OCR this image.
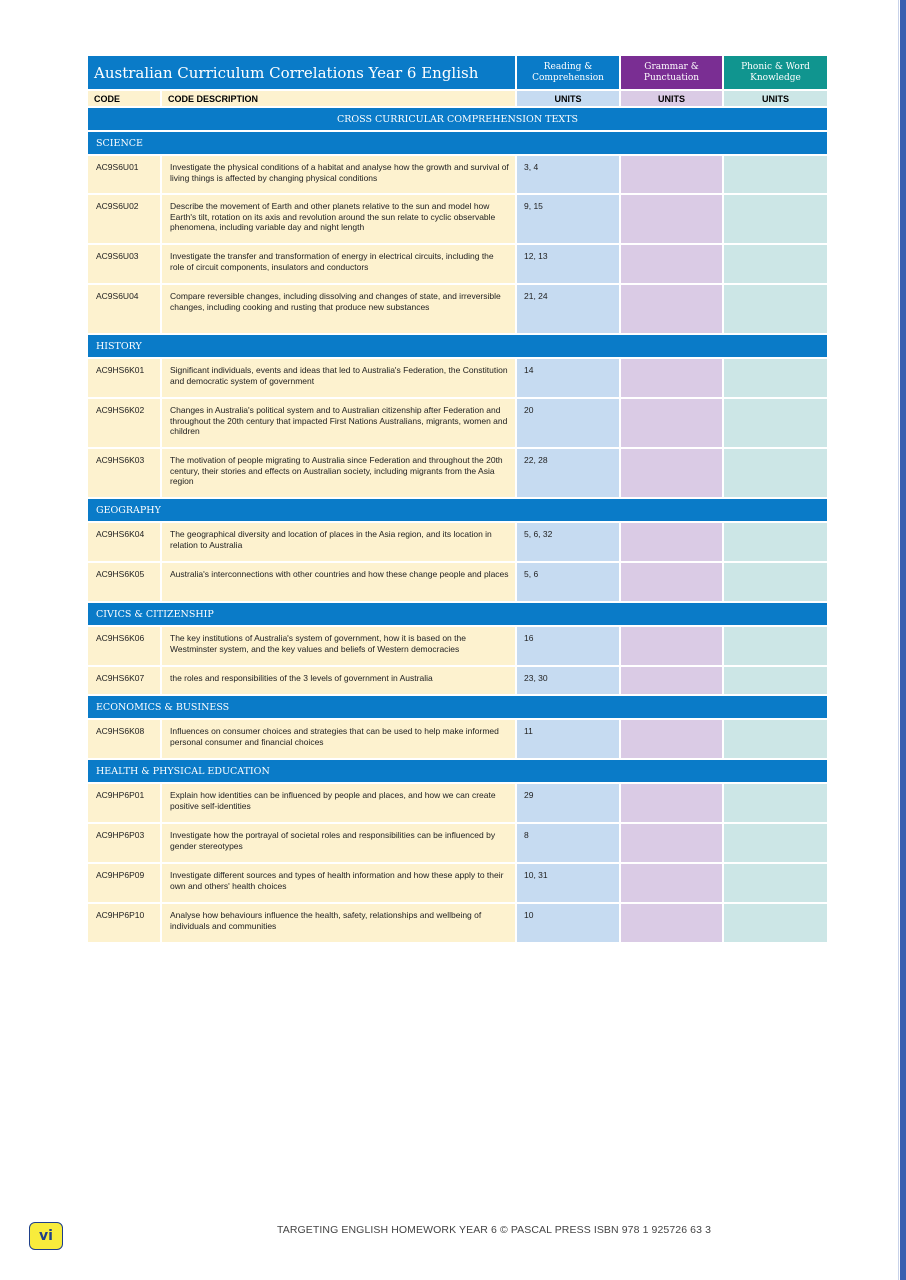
Australian Curriculum Correlations Year 6 English		Reading & Comprehension	Grammar & Punctuation	Phonic & Word Knowledge
CODE	CODE DESCRIPTION	UNITS	UNITS	UNITS
CROSS CURRICULAR COMPREHENSION TEXTS				
SCIENCE				
AC9S6U01	Investigate the physical conditions of a habitat and analyse how the growth and survival of living things is affected by changing physical conditions	3, 4		
AC9S6U02	Describe the movement of Earth and other planets relative to the sun and model how Earth's tilt, rotation on its axis and revolution around the sun relate to cyclic observable phenomena, including variable day and night length	9, 15		
AC9S6U03	Investigate the transfer and transformation of energy in electrical circuits, including the role of circuit components, insulators and conductors	12, 13		
AC9S6U04	Compare reversible changes, including dissolving and changes of state, and irreversible changes, including cooking and rusting that produce new substances	21, 24		
HISTORY				
AC9HS6K01	Significant individuals, events and ideas that led to Australia's Federation, the Constitution and democratic system of government	14		
AC9HS6K02	Changes in Australia's political system and to Australian citizenship after Federation and throughout the 20th century that impacted First Nations Australians, migrants, women and children	20		
AC9HS6K03	The motivation of people migrating to Australia since Federation and throughout the 20th century, their stories and effects on Australian society, including migrants from the Asia region	22, 28		
GEOGRAPHY				
AC9HS6K04	The geographical diversity and location of places in the Asia region, and its location in relation to Australia	5, 6, 32		
AC9HS6K05	Australia's interconnections with other countries and how these change people and places	5, 6		
CIVICS & CITIZENSHIP				
AC9HS6K06	The key institutions of Australia's system of government, how it is based on the Westminster system, and the key values and beliefs of Western democracies	16		
AC9HS6K07	the roles and responsibilities of the 3 levels of government in Australia	23, 30		
ECONOMICS & BUSINESS				
AC9HS6K08	Influences on consumer choices and strategies that can be used to help make informed personal consumer and financial choices	11		
HEALTH & PHYSICAL EDUCATION				
AC9HP6P01	Explain how identities can be influenced by people and places, and how we can create positive self-identities	29		
AC9HP6P03	Investigate how the portrayal of societal roles and responsibilities can be influenced by gender stereotypes	8		
AC9HP6P09	Investigate different sources and types of health information and how these apply to their own and others' health choices	10, 31		
AC9HP6P10	Analyse how behaviours influence the health, safety, relationships and wellbeing of individuals and communities	10		
vi	TARGETING ENGLISH HOMEWORK YEAR 6 © PASCAL PRESS ISBN 978 1 925726 63 3
